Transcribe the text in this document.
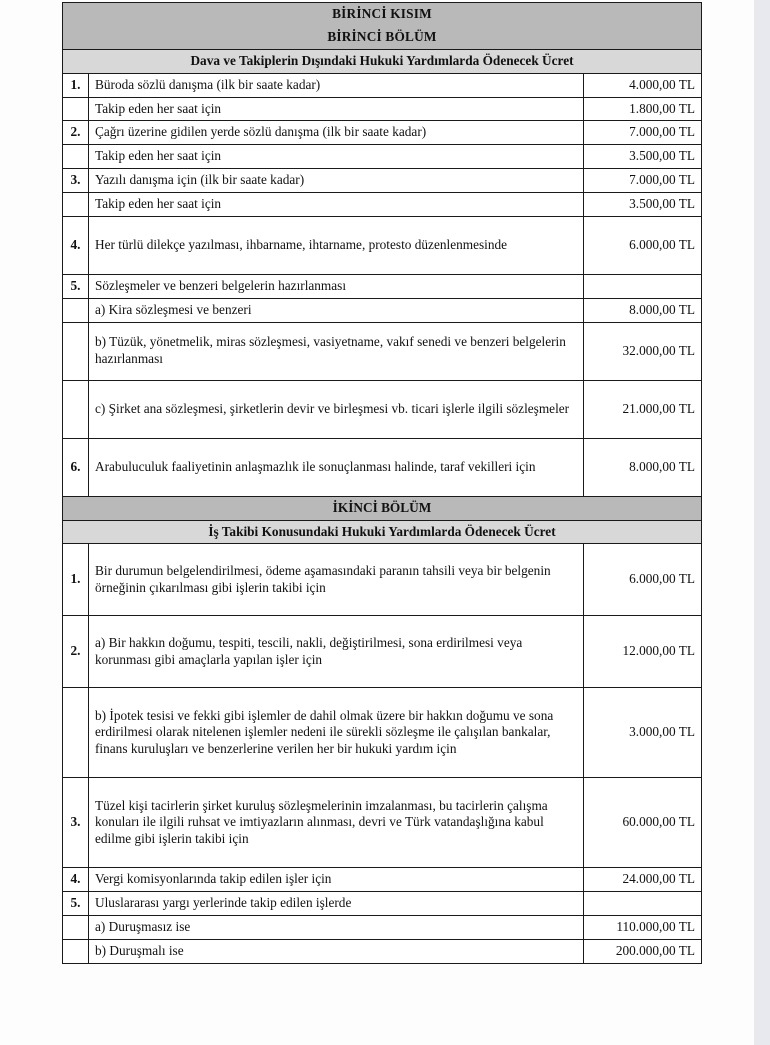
BİRİNCİ KISIM		
BİRİNCİ BÖLÜM		
Dava ve Takiplerin Dışındaki Hukuki Yardımlarda Ödenecek Ücret		
1.	Büroda sözlü danışma (ilk bir saate kadar)	4.000,00 TL
	Takip eden her saat için	1.800,00 TL
2.	Çağrı üzerine gidilen yerde sözlü danışma (ilk bir saate kadar)	7.000,00 TL
	Takip eden her saat için	3.500,00 TL
3.	Yazılı danışma için (ilk bir saate kadar)	7.000,00 TL
	Takip eden her saat için	3.500,00 TL
4.	Her türlü dilekçe yazılması, ihbarname, ihtarname, protesto düzenlenmesinde	6.000,00 TL
5.	Sözleşmeler ve benzeri belgelerin hazırlanması	
	a) Kira sözleşmesi ve benzeri	8.000,00 TL
	b) Tüzük, yönetmelik, miras sözleşmesi, vasiyetname, vakıf senedi ve benzeri belgelerin hazırlanması	32.000,00 TL
	c) Şirket ana sözleşmesi, şirketlerin devir ve birleşmesi vb. ticari işlerle ilgili sözleşmeler	21.000,00 TL
6.	Arabuluculuk faaliyetinin anlaşmazlık ile sonuçlanması halinde, taraf vekilleri için	8.000,00 TL
İKİNCİ BÖLÜM		
İş Takibi Konusundaki Hukuki Yardımlarda Ödenecek Ücret		
1.	Bir durumun belgelendirilmesi, ödeme aşamasındaki paranın tahsili veya bir belgenin örneğinin çıkarılması gibi işlerin takibi için	6.000,00 TL
2.	a) Bir hakkın doğumu, tespiti, tescili, nakli, değiştirilmesi, sona erdirilmesi veya korunması gibi amaçlarla yapılan işler için	12.000,00 TL
	b) İpotek tesisi ve fekki gibi işlemler de dahil olmak üzere bir hakkın doğumu ve sona erdirilmesi olarak nitelenen işlemler nedeni ile sürekli sözleşme ile çalışılan bankalar, finans kuruluşları ve benzerlerine verilen her bir hukuki yardım için	3.000,00 TL
3.	Tüzel kişi tacirlerin şirket kuruluş sözleşmelerinin imzalanması, bu tacirlerin çalışma konuları ile ilgili ruhsat ve imtiyazların alınması, devri ve Türk vatandaşlığına kabul edilme gibi işlerin takibi için	60.000,00 TL
4.	Vergi komisyonlarında takip edilen işler için	24.000,00 TL
5.	Uluslararası yargı yerlerinde takip edilen işlerde	
	a) Duruşmasız ise	110.000,00 TL
	b) Duruşmalı ise	200.000,00 TL
